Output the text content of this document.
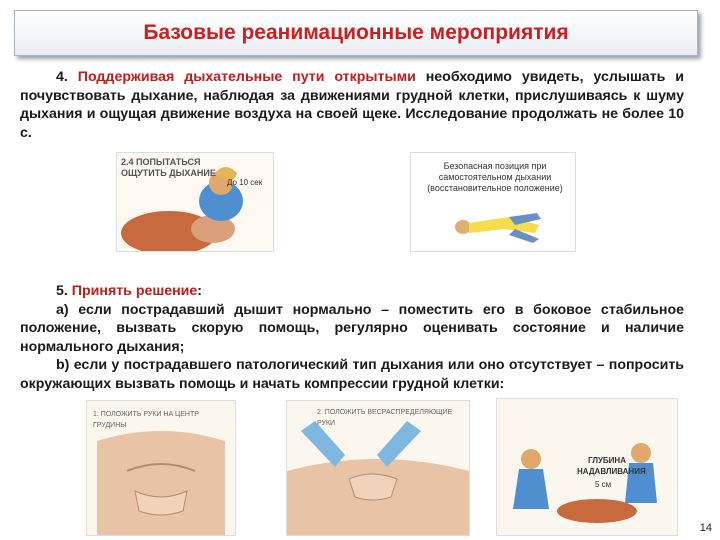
Базовые реанимационные мероприятия
4. Поддерживая дыхательные пути открытыми необходимо увидеть, услышать и почувствовать дыхание, наблюдая за движениями грудной клетки, прислушиваясь к шуму дыхания и ощущая движение воздуха на своей щеке. Исследование продолжать не более 10 с.
2.4 ПОПЫТАТЬСЯ ОЩУТИТЬ ДЫХАНИЕ
До 10 сек
Безопасная позиция при самостоятельном дыхании (восстановительное положение)
5. Принять решение:
а) если пострадавший дышит нормально – поместить его в боковое стабильное положение, вызвать скорую помощь, регулярно оценивать состояние и наличие нормального дыхания;
b) если у пострадавшего патологический тип дыхания или оно отсутствует – попросить окружающих вызвать помощь и начать компрессии грудной клетки:
1. ПОЛОЖИТЬ РУКИ НА ЦЕНТР ГРУДИНЫ
2. ПОЛОЖИТЬ ВЕСРАСПРЕДЕЛЯЮЩИЕ РУКИ
ГЛУБИНА НАДАВЛИВАНИЯ
5 см
14
